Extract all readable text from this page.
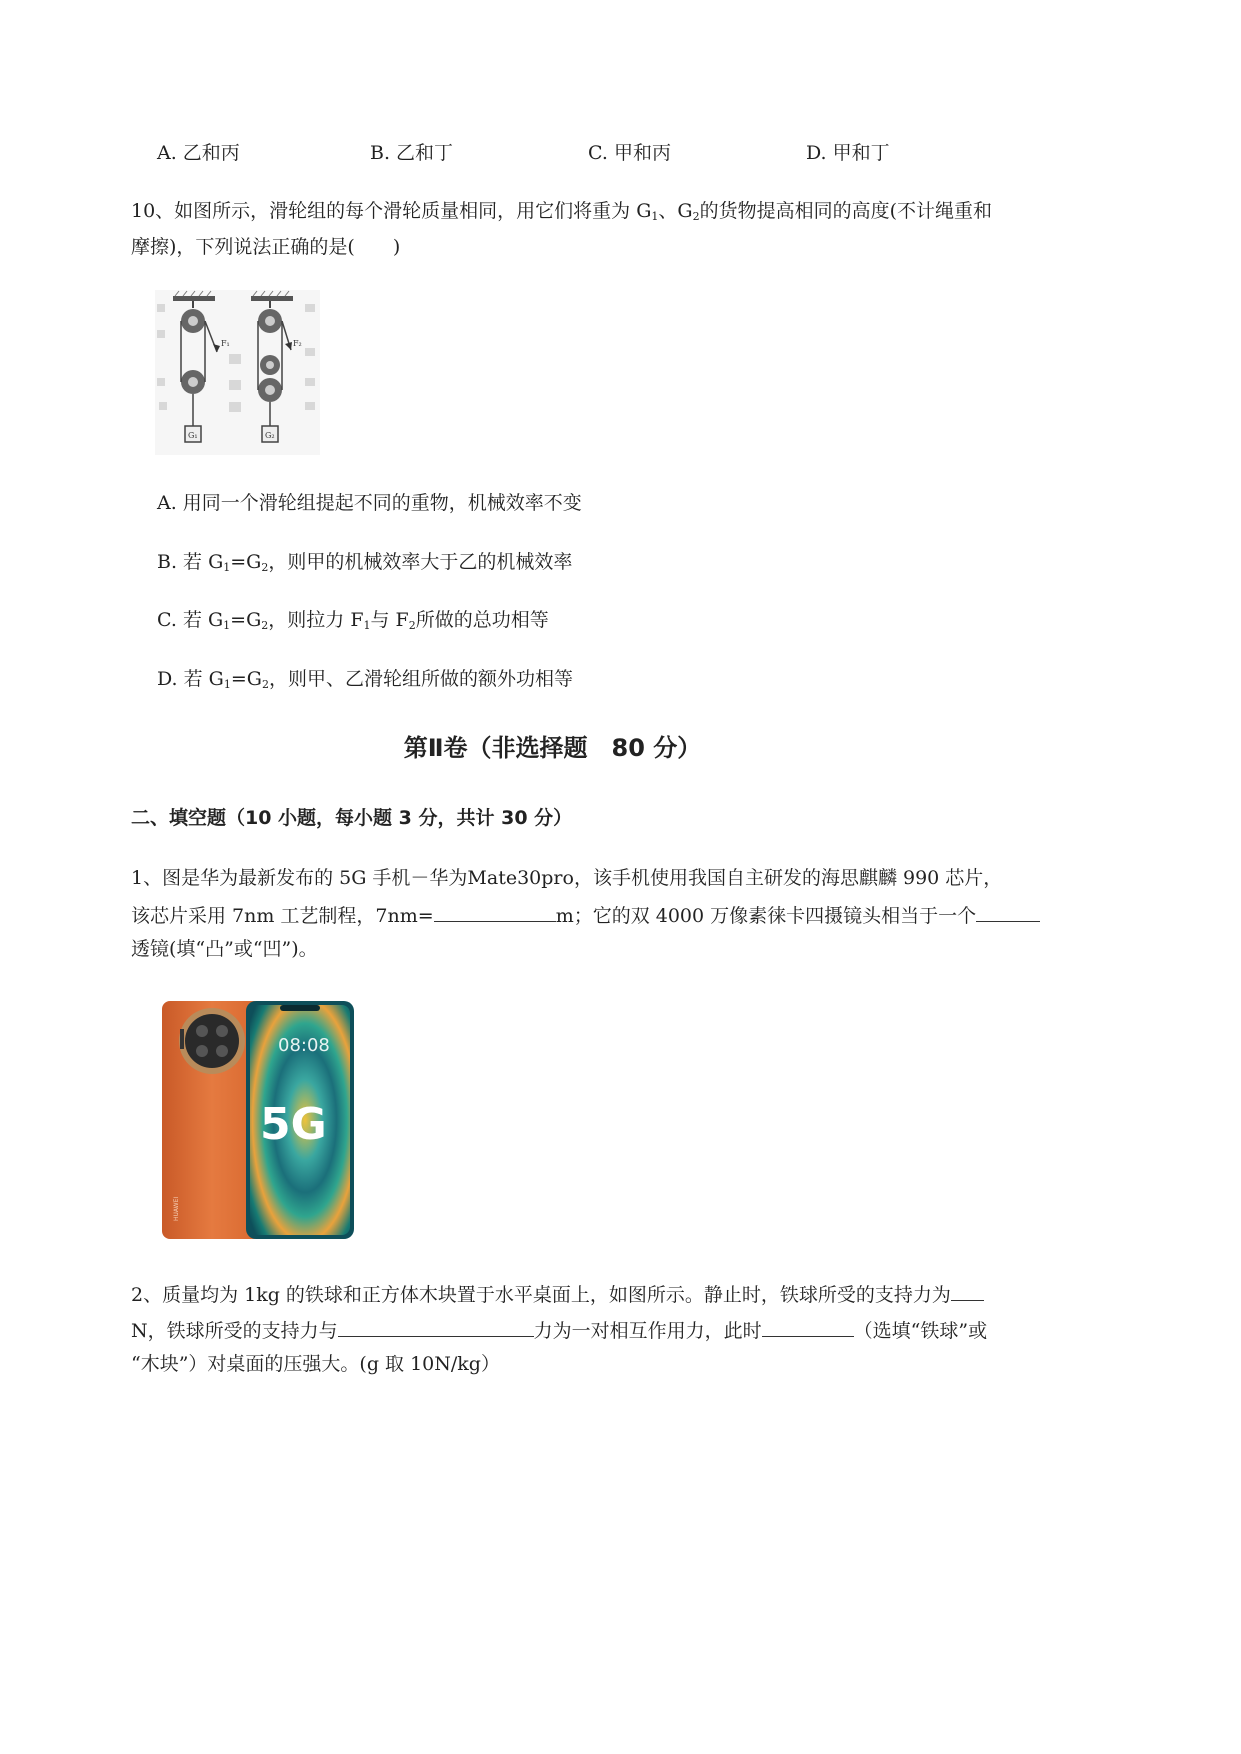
A. 乙和丙	B. 乙和丁	C. 甲和丙	D. 甲和丁
10、如图所示，滑轮组的每个滑轮质量相同，用它们将重为 $G_1$、$G_2$的货物提高相同的高度(不计绳重和
摩擦)，下列说法正确的是(　　)
F₁
G₁
F₂
G₂
A. 用同一个滑轮组提起不同的重物，机械效率不变
B. 若 $G_1=G_2$，则甲的机械效率大于乙的机械效率
C. 若 $G_1=G_2$，则拉力 $F_1$与 $F_2$所做的总功相等
D. 若 $G_1=G_2$，则甲、乙滑轮组所做的额外功相等
第Ⅱ卷（非选择题　80 分）
二、填空题（10 小题，每小题 3 分，共计 30 分）
1、图是华为最新发布的 5G 手机－华为Mate30pro，该手机使用我国自主研发的海思麒麟 990 芯片，
该芯片采用 7nm 工艺制程，7nm=	m；它的双 4000 万像素徕卡四摄镜头相当于一个
透镜(填“凸”或“凹”)。
HUAWEI
08:08
5G
2、质量均为 1kg 的铁球和正方体木块置于水平桌面上，如图所示。静止时，铁球所受的支持力为
N，铁球所受的支持力与	力为一对相互作用力，此时	（选填“铁球”或
“木块”）对桌面的压强大。(g 取 10N/kg）
